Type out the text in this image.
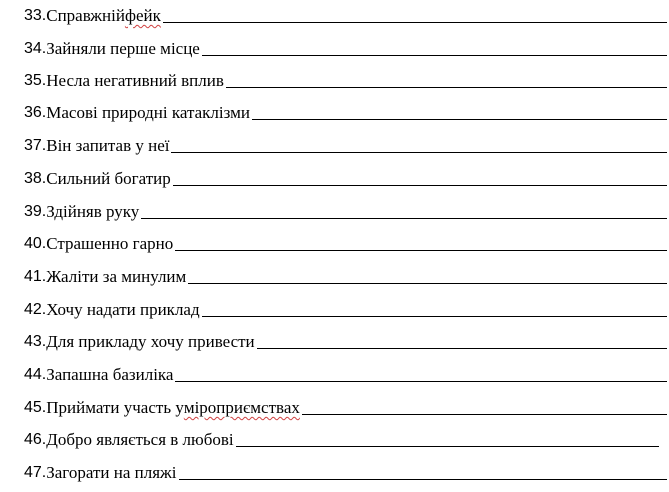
33. Справжній фейк
34. Зайняли перше місце
35. Несла негативний вплив
36. Масові природні катаклізми
37. Він запитав у неї
38. Сильний богатир
39. Здійняв руку
40. Страшенно гарно
41. Жаліти за минулим
42. Хочу надати приклад
43. Для прикладу хочу привести
44. Запашна базиліка
45. Приймати участь у міроприємствах
46. Добро являється в любові
47. Загорати на пляжі
